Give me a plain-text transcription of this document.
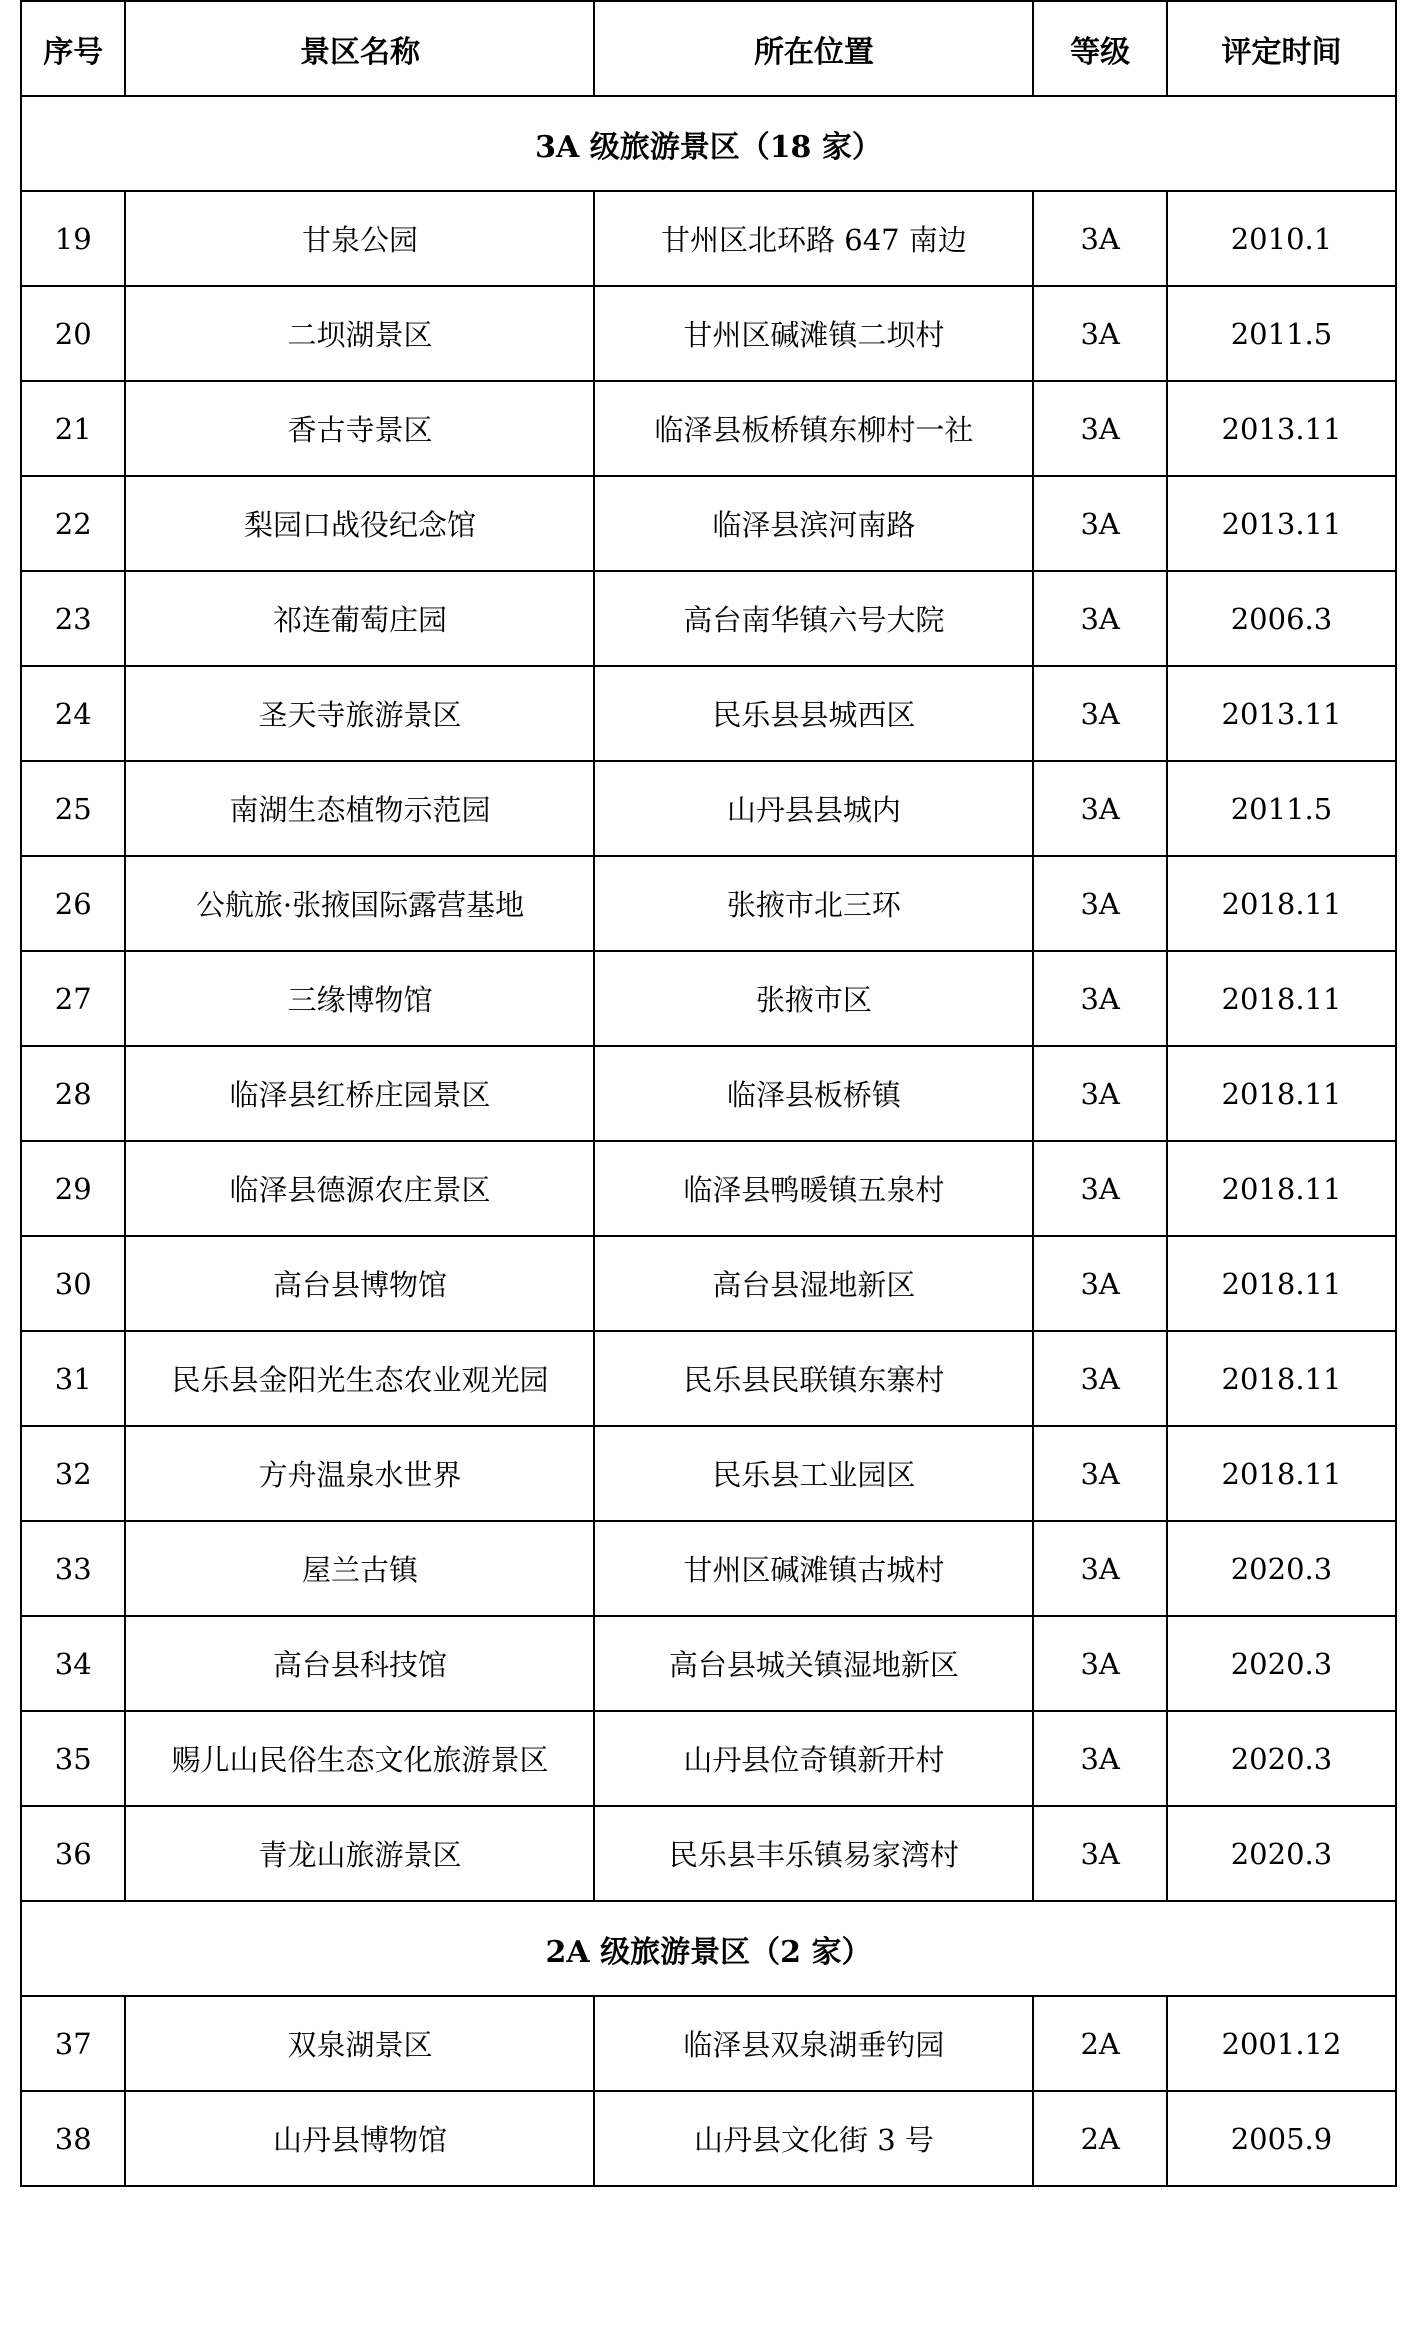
序号	景区名称	所在位置	等级	评定时间
3A 级旅游景区（18 家）				
19	甘泉公园	甘州区北环路 647 南边	3A	2010.1
20	二坝湖景区	甘州区碱滩镇二坝村	3A	2011.5
21	香古寺景区	临泽县板桥镇东柳村一社	3A	2013.11
22	梨园口战役纪念馆	临泽县滨河南路	3A	2013.11
23	祁连葡萄庄园	高台南华镇六号大院	3A	2006.3
24	圣天寺旅游景区	民乐县县城西区	3A	2013.11
25	南湖生态植物示范园	山丹县县城内	3A	2011.5
26	公航旅·张掖国际露营基地	张掖市北三环	3A	2018.11
27	三缘博物馆	张掖市区	3A	2018.11
28	临泽县红桥庄园景区	临泽县板桥镇	3A	2018.11
29	临泽县德源农庄景区	临泽县鸭暖镇五泉村	3A	2018.11
30	高台县博物馆	高台县湿地新区	3A	2018.11
31	民乐县金阳光生态农业观光园	民乐县民联镇东寨村	3A	2018.11
32	方舟温泉水世界	民乐县工业园区	3A	2018.11
33	屋兰古镇	甘州区碱滩镇古城村	3A	2020.3
34	高台县科技馆	高台县城关镇湿地新区	3A	2020.3
35	赐儿山民俗生态文化旅游景区	山丹县位奇镇新开村	3A	2020.3
36	青龙山旅游景区	民乐县丰乐镇易家湾村	3A	2020.3
2A 级旅游景区（2 家）				
37	双泉湖景区	临泽县双泉湖垂钓园	2A	2001.12
38	山丹县博物馆	山丹县文化街 3 号	2A	2005.9
